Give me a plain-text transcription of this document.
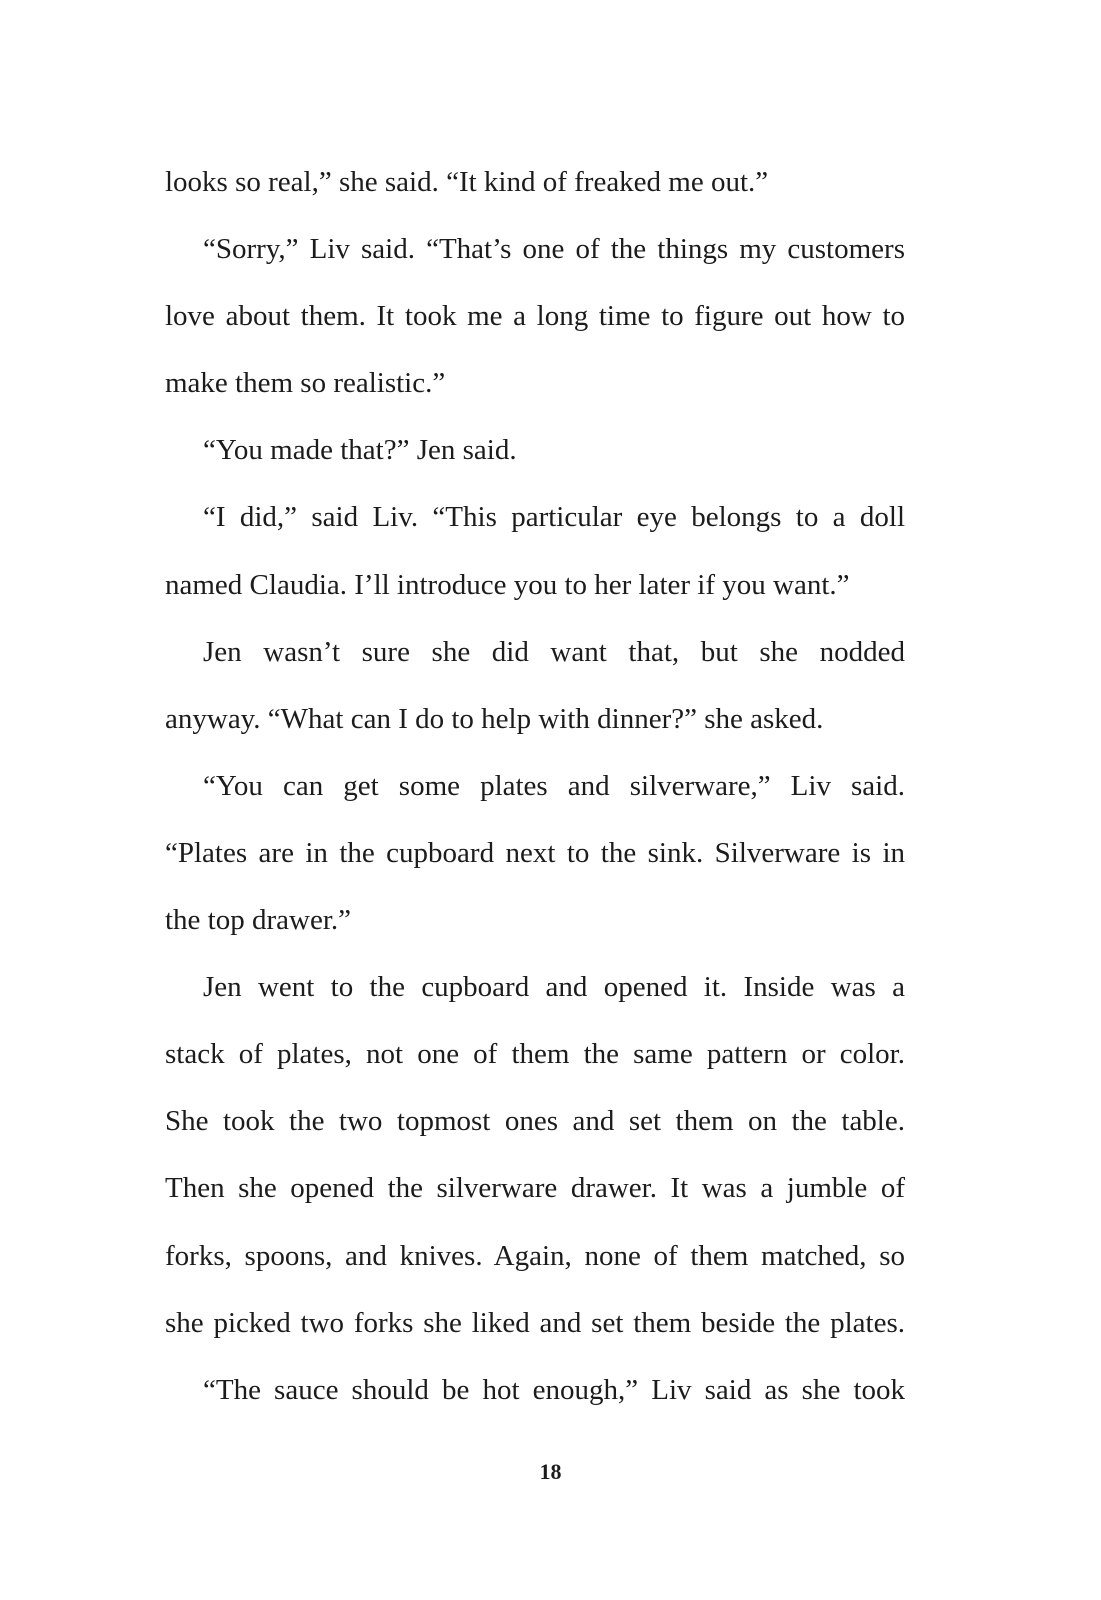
looks so real,” she said. “It kind of freaked me out.”
“Sorry,” Liv said. “That’s one of the things my customers
love about them. It took me a long time to figure out how to
make them so realistic.”
“You made that?” Jen said.
“I did,” said Liv. “This particular eye belongs to a doll
named Claudia. I’ll introduce you to her later if you want.”
Jen wasn’t sure she did want that, but she nodded
anyway. “What can I do to help with dinner?” she asked.
“You can get some plates and silverware,” Liv said.
“Plates are in the cupboard next to the sink. Silverware is in
the top drawer.”
Jen went to the cupboard and opened it. Inside was a
stack of plates, not one of them the same pattern or color.
She took the two topmost ones and set them on the table.
Then she opened the silverware drawer. It was a jumble of
forks, spoons, and knives. Again, none of them matched, so
she picked two forks she liked and set them beside the plates.
“The sauce should be hot enough,” Liv said as she took
18
